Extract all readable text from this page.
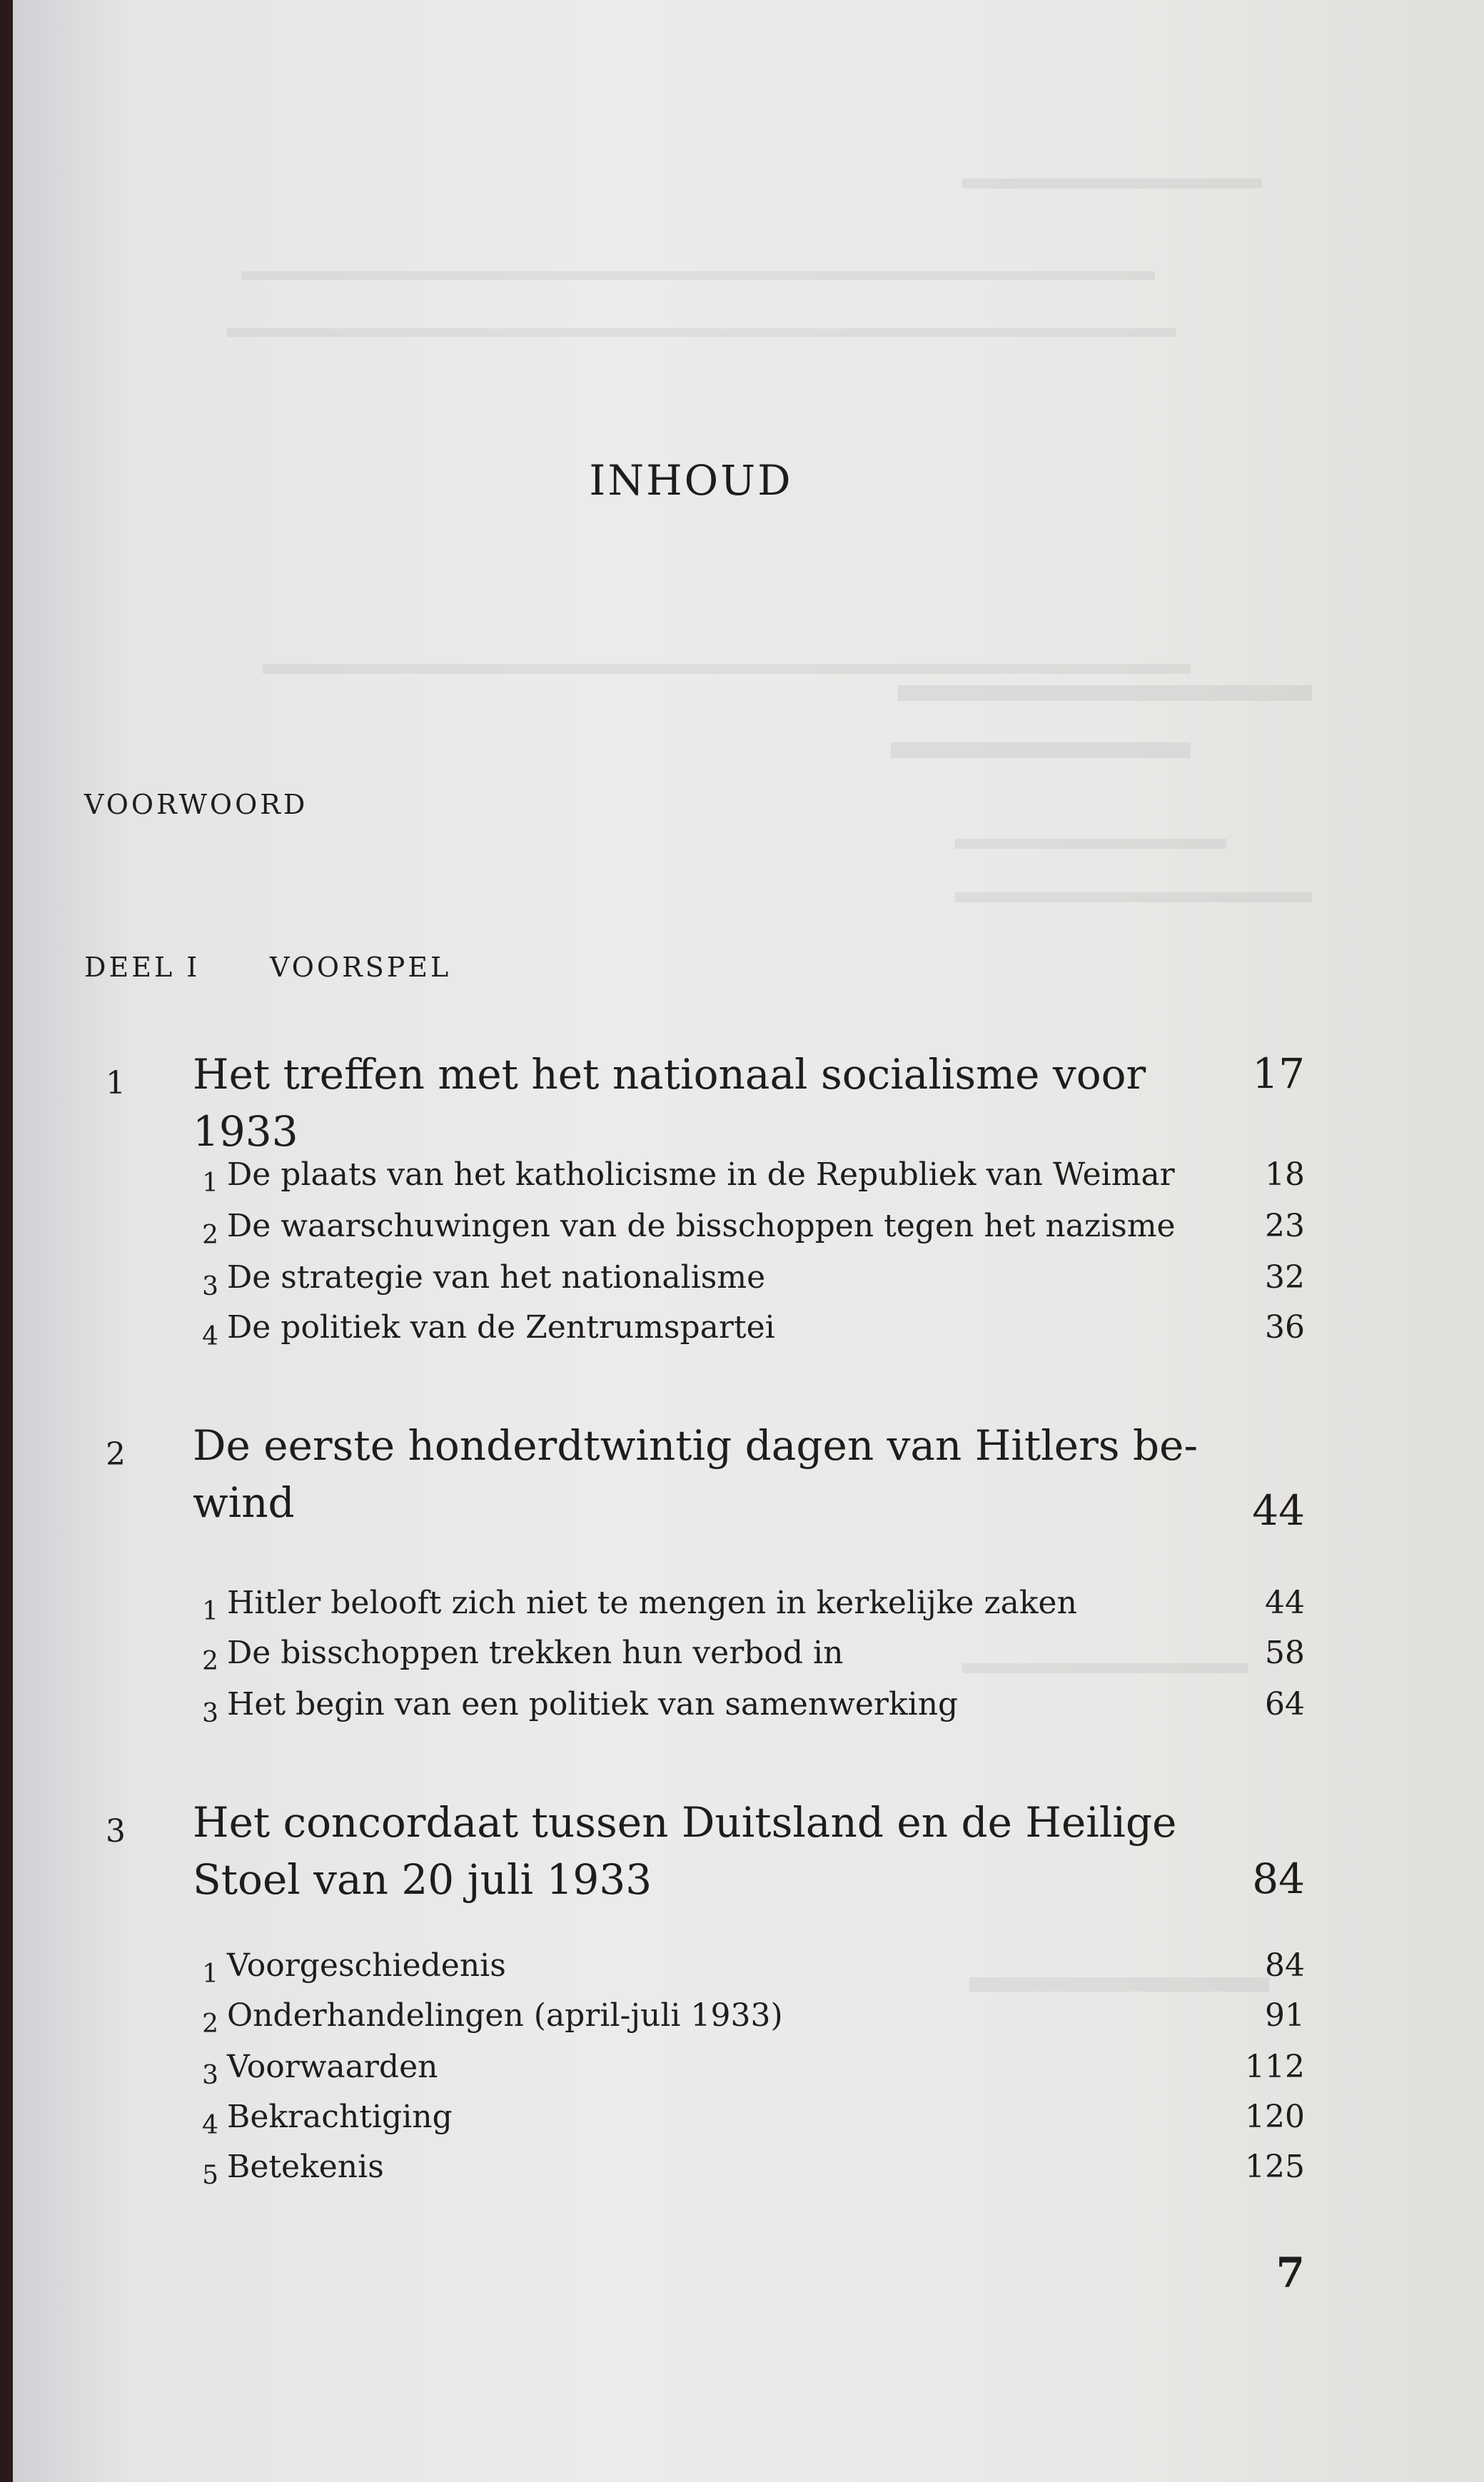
INHOUD
VOORWOORD
DEEL I	VOORSPEL
1 Het treffen met het nationaal socialisme voor 1933
17
1 De plaats van het katholicisme in de Republiek van Weimar	18
2 De waarschuwingen van de bisschoppen tegen het nazisme	23
3 De strategie van het nationalisme	32
4 De politiek van de Zentrumspartei	36
2 De eerste honderdtwintig dagen van Hitlers be-
wind	44
1 Hitler belooft zich niet te mengen in kerkelijke zaken	44
2 De bisschoppen trekken hun verbod in	58
3 Het begin van een politiek van samenwerking	64
3 Het concordaat tussen Duitsland en de Heilige
Stoel van 20 juli 1933	84
1 Voorgeschiedenis	84
2 Onderhandelingen (april-juli 1933)	91
3 Voorwaarden	112
4 Bekrachtiging	120
5 Betekenis	125
7
